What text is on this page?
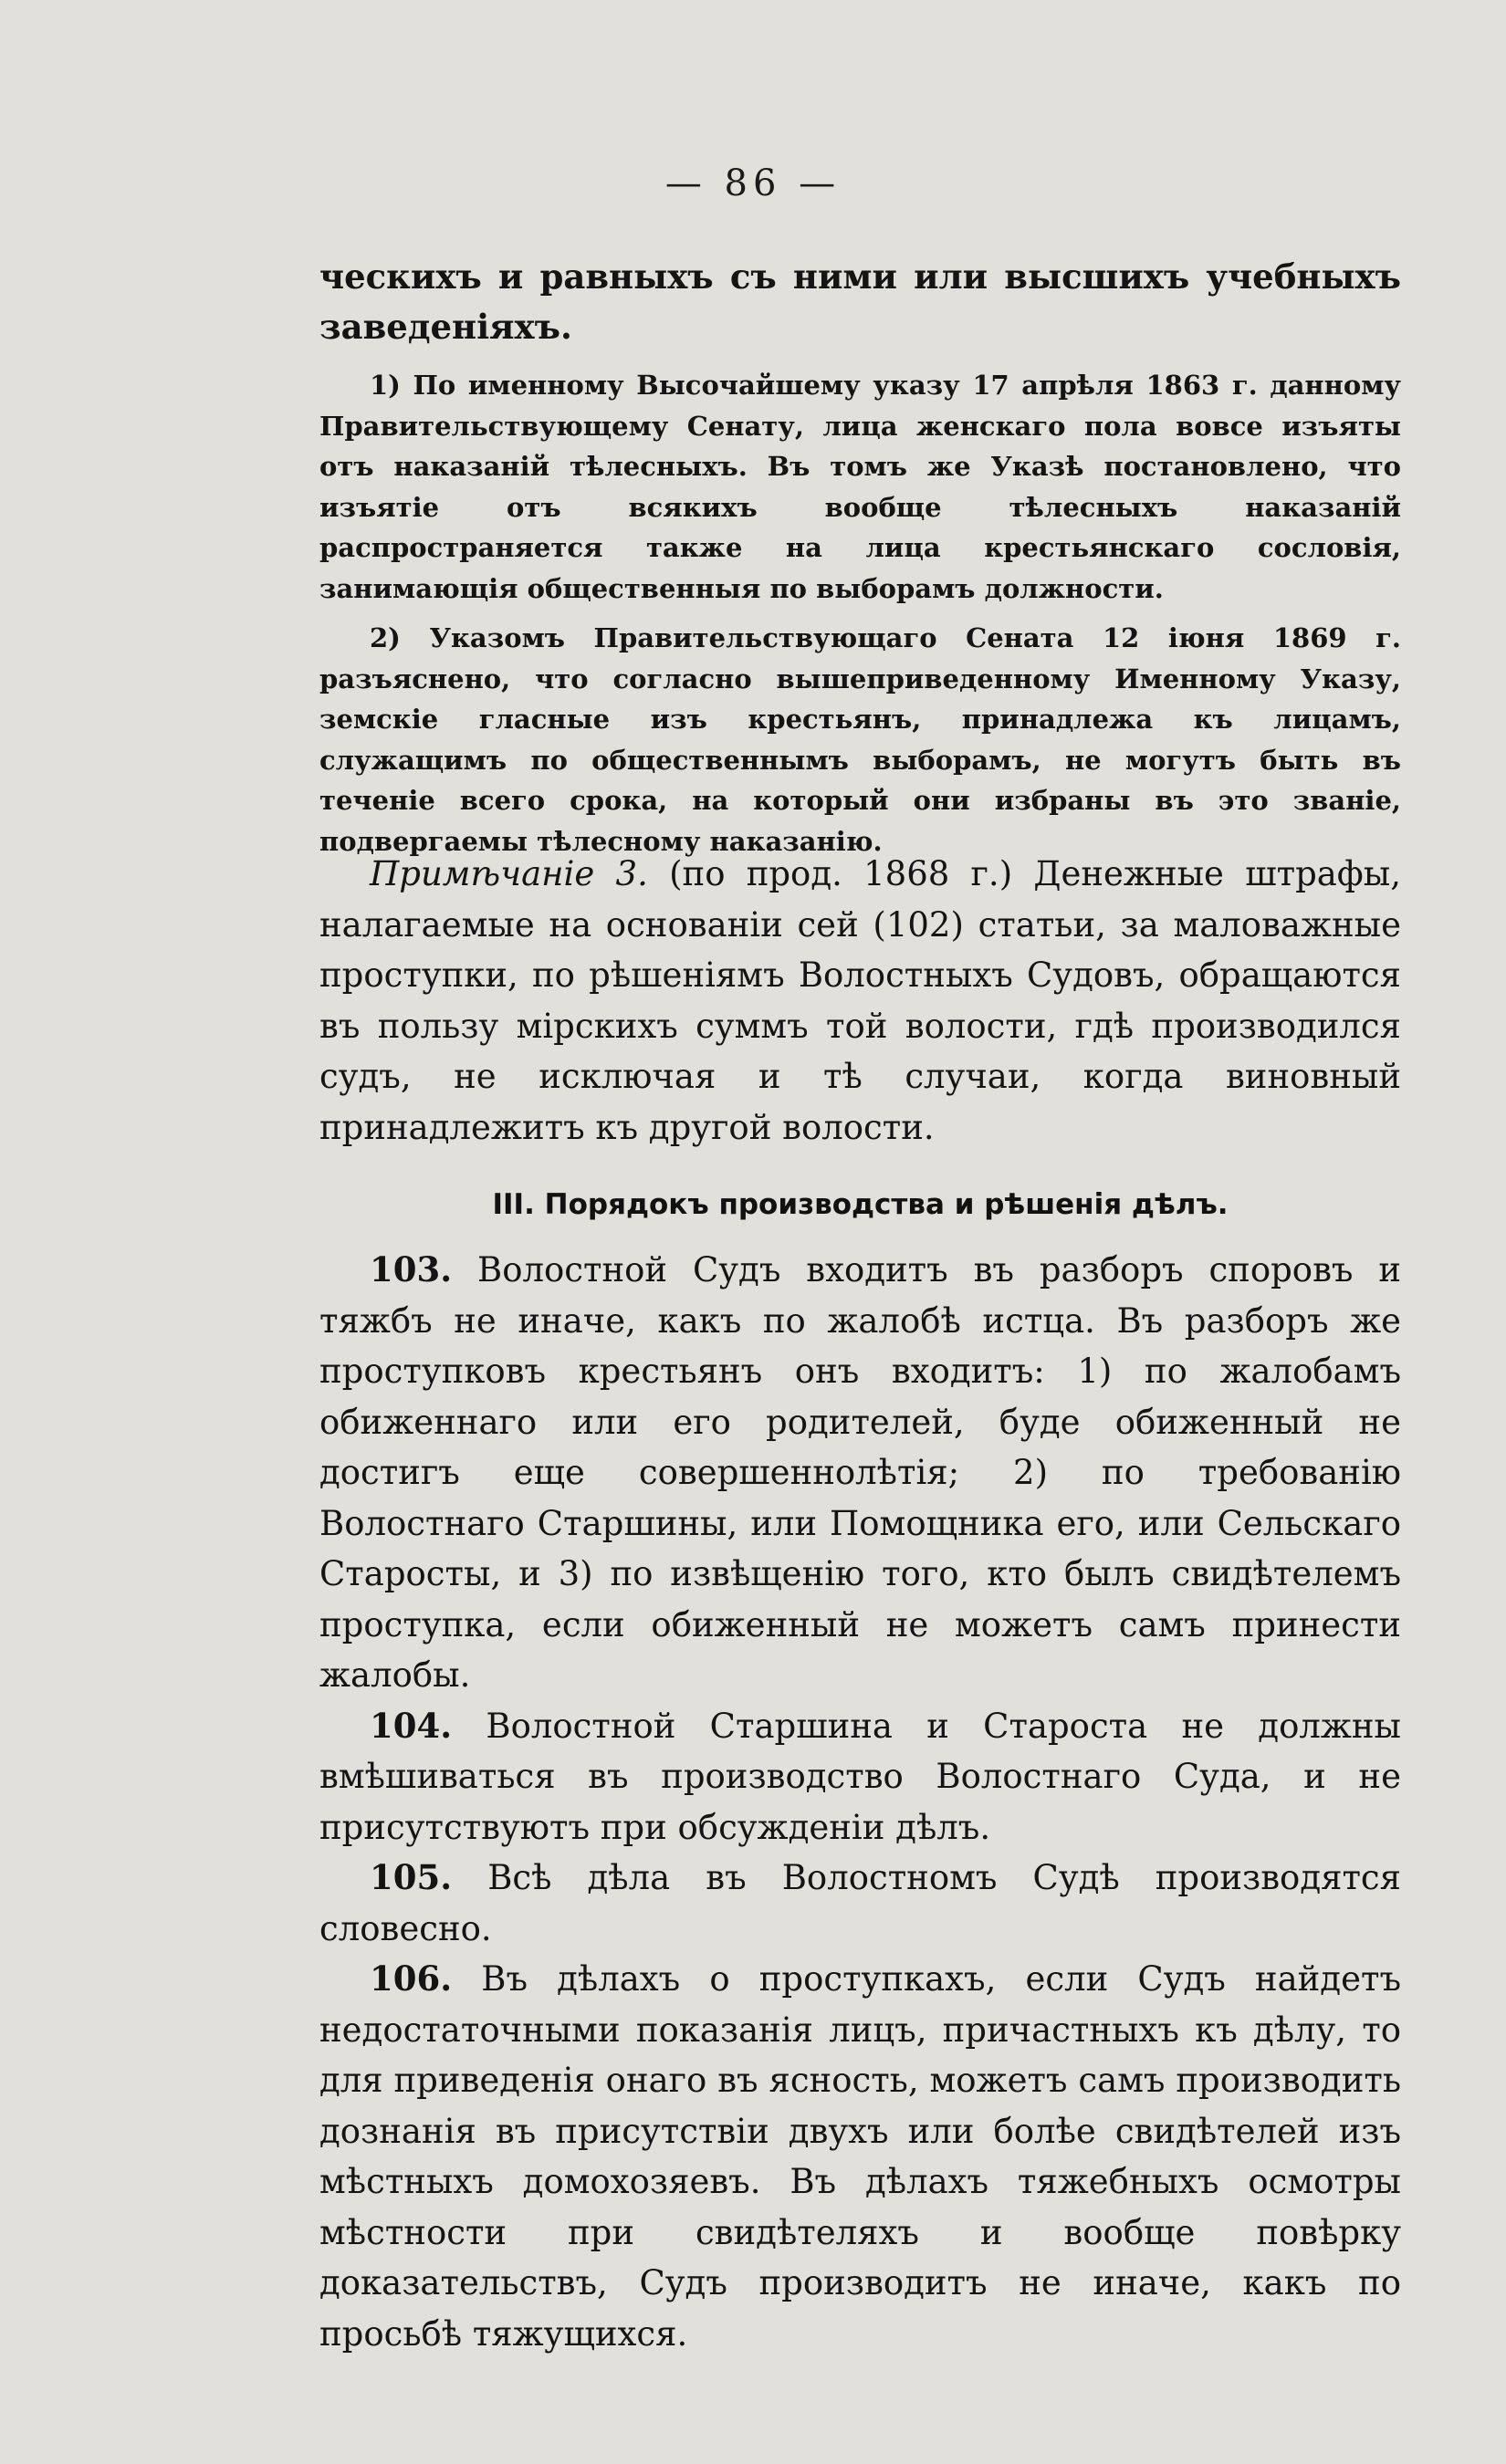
— 86 —
ческихъ и равныхъ съ ними или высшихъ учебныхъ заведеніяхъ.

1) По именному Высочайшему указу 17 апрѣля 1863 г. данному Правительствующему Сенату, лица женскаго пола вовсе изъяты отъ наказаній тѣлесныхъ. Въ томъ же Указѣ постановлено, что изъятіе отъ всякихъ вообще тѣлесныхъ наказаній распространяется также на лица крестьянскаго сословія, занимающія общественныя по выборамъ должности.

2) Указомъ Правительствующаго Сената 12 іюня 1869 г. разъяснено, что согласно вышеприведенному Именному Указу, земскіе гласные изъ крестьянъ, принадлежа къ лицамъ, служащимъ по общественнымъ выборамъ, не могутъ быть въ теченіе всего срока, на который они избраны въ это званіе, подвергаемы тѣлесному наказанію.

Примѣчаніе 3. (по прод. 1868 г.) Денежные штрафы, налагаемые на основаніи сей (102) статьи, за маловажные проступки, по рѣшеніямъ Волостныхъ Судовъ, обращаются въ пользу мірскихъ суммъ той волости, гдѣ производился судъ, не исключая и тѣ случаи, когда виновный принадлежитъ къ другой волости.

III. Порядокъ производства и рѣшенія дѣлъ.

103. Волостной Судъ входитъ въ разборъ споровъ и тяжбъ не иначе, какъ по жалобѣ истца. Въ разборъ же проступковъ крестьянъ онъ входитъ: 1) по жалобамъ обиженнаго или его родителей, буде обиженный не достигъ еще совершеннолѣтія; 2) по требованію Волостнаго Старшины, или Помощника его, или Сельскаго Старосты, и 3) по извѣщенію того, кто былъ свидѣтелемъ проступка, если обиженный не можетъ самъ принести жалобы.

104. Волостной Старшина и Староста не должны вмѣшиваться въ производство Волостнаго Суда, и не присутствуютъ при обсужденіи дѣлъ.

105. Всѣ дѣла въ Волостномъ Судѣ производятся словесно.

106. Въ дѣлахъ о проступкахъ, если Судъ найдетъ недостаточными показанія лицъ, причастныхъ къ дѣлу, то для приведенія онаго въ ясность, можетъ самъ производить дознанія въ присутствіи двухъ или болѣе свидѣтелей изъ мѣстныхъ домохозяевъ. Въ дѣлахъ тяжебныхъ осмотры мѣстности при свидѣтеляхъ и вообще повѣрку доказательствъ, Судъ производитъ не иначе, какъ по просьбѣ тяжущихся.
